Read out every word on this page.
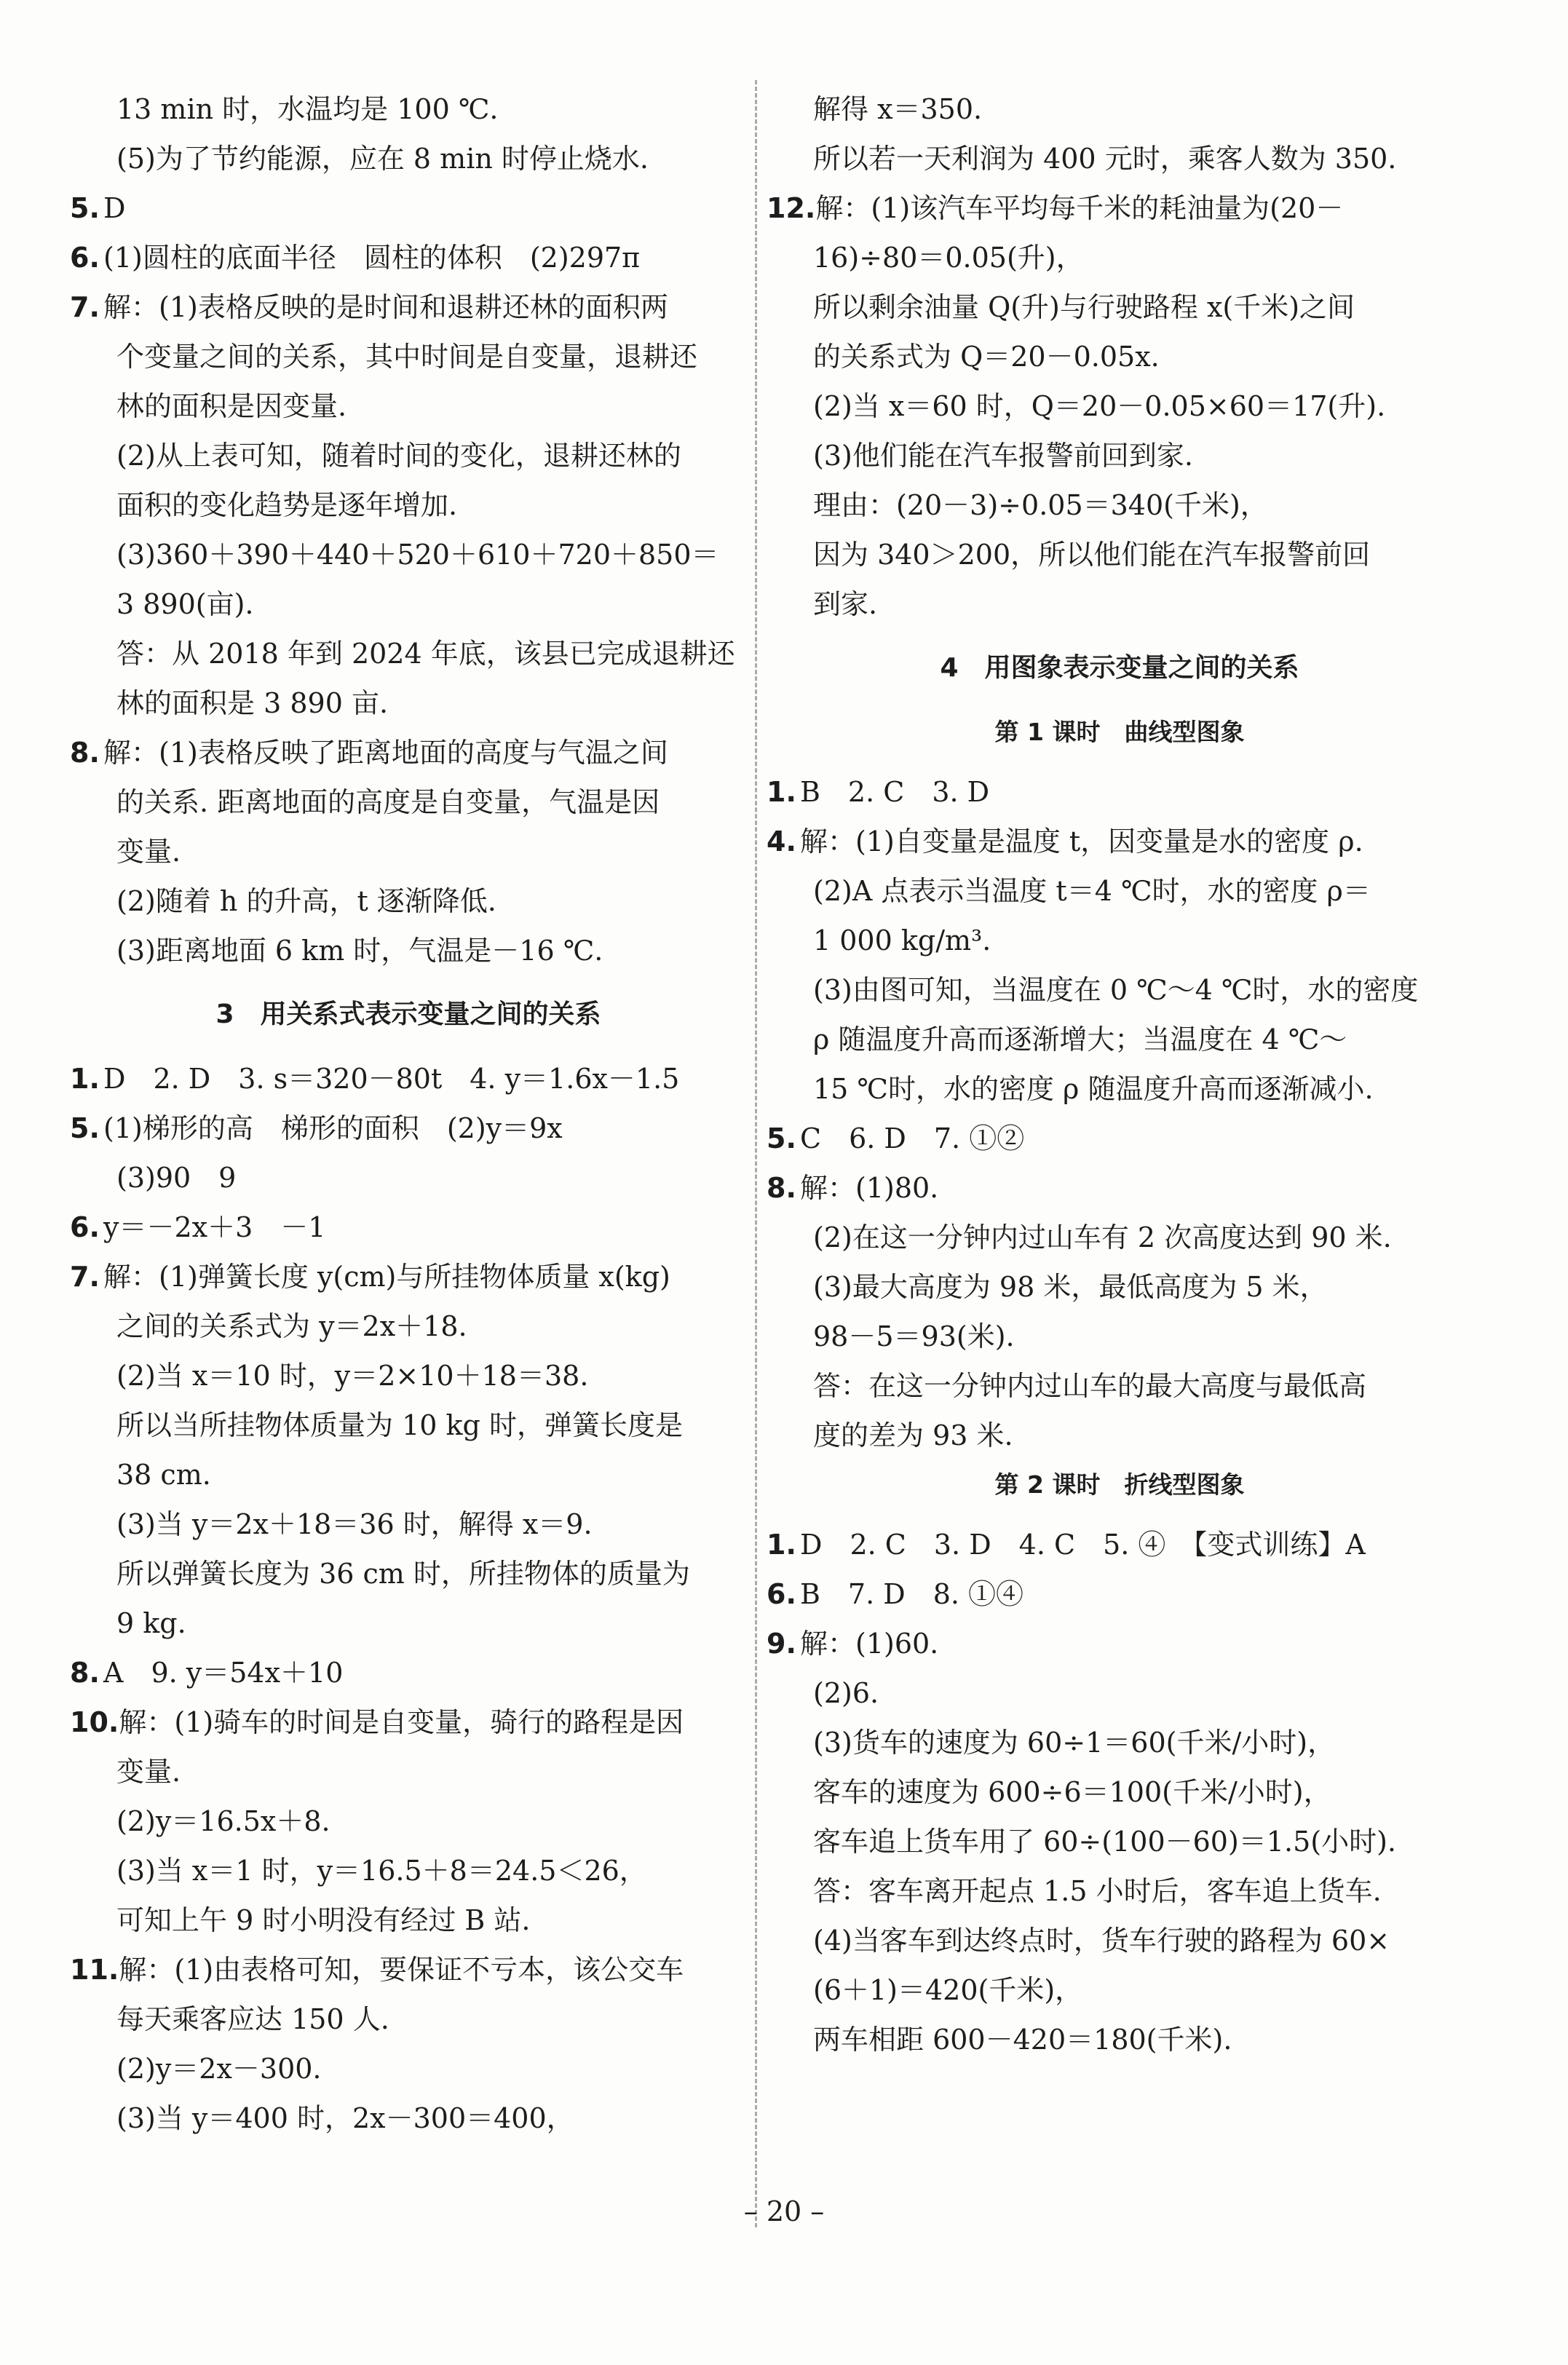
13 min 时，水温均是 100 ℃.
(5)为了节约能源，应在 8 min 时停止烧水.
5. D
6. (1)圆柱的底面半径　圆柱的体积　(2)297π
7. 解：(1)表格反映的是时间和退耕还林的面积两
个变量之间的关系，其中时间是自变量，退耕还
林的面积是因变量.
(2)从上表可知，随着时间的变化，退耕还林的
面积的变化趋势是逐年增加.
(3)360＋390＋440＋520＋610＋720＋850＝
3 890(亩).
答：从 2018 年到 2024 年底，该县已完成退耕还
林的面积是 3 890 亩.
8. 解：(1)表格反映了距离地面的高度与气温之间
的关系. 距离地面的高度是自变量，气温是因
变量.
(2)随着 h 的升高，t 逐渐降低.
(3)距离地面 6 km 时，气温是－16 ℃.
3　用关系式表示变量之间的关系
1. D　2. D　3. s＝320－80t　4. y＝1.6x－1.5
5. (1)梯形的高　梯形的面积　(2)y＝9x
(3)90　9
6. y＝－2x＋3　－1
7. 解：(1)弹簧长度 y(cm)与所挂物体质量 x(kg)
之间的关系式为 y＝2x＋18.
(2)当 x＝10 时，y＝2×10＋18＝38.
所以当所挂物体质量为 10 kg 时，弹簧长度是
38 cm.
(3)当 y＝2x＋18＝36 时，解得 x＝9.
所以弹簧长度为 36 cm 时，所挂物体的质量为
9 kg.
8. A　9. y＝54x＋10
10.解：(1)骑车的时间是自变量，骑行的路程是因
变量.
(2)y＝16.5x＋8.
(3)当 x＝1 时，y＝16.5＋8＝24.5＜26，
可知上午 9 时小明没有经过 B 站.
11.解：(1)由表格可知，要保证不亏本，该公交车
每天乘客应达 150 人.
(2)y＝2x－300.
(3)当 y＝400 时，2x－300＝400，
解得 x＝350.
所以若一天利润为 400 元时，乘客人数为 350.
12.解：(1)该汽车平均每千米的耗油量为(20－
16)÷80＝0.05(升)，
所以剩余油量 Q(升)与行驶路程 x(千米)之间
的关系式为 Q＝20－0.05x.
(2)当 x＝60 时，Q＝20－0.05×60＝17(升).
(3)他们能在汽车报警前回到家.
理由：(20－3)÷0.05＝340(千米)，
因为 340＞200，所以他们能在汽车报警前回
到家.
4　用图象表示变量之间的关系
第 1 课时　曲线型图象
1. B　2. C　3. D
4. 解：(1)自变量是温度 t，因变量是水的密度 ρ.
(2)A 点表示当温度 t＝4 ℃时，水的密度 ρ＝
1 000 kg/m³.
(3)由图可知，当温度在 0 ℃～4 ℃时，水的密度
ρ 随温度升高而逐渐增大；当温度在 4 ℃～
15 ℃时，水的密度 ρ 随温度升高而逐渐减小.
5. C　6. D　7. ①②
8. 解：(1)80.
(2)在这一分钟内过山车有 2 次高度达到 90 米.
(3)最大高度为 98 米，最低高度为 5 米，
98－5＝93(米).
答：在这一分钟内过山车的最大高度与最低高
度的差为 93 米.
第 2 课时　折线型图象
1. D　2. C　3. D　4. C　5. ④　【变式训练】A
6. B　7. D　8. ①④
9. 解：(1)60.
(2)6.
(3)货车的速度为 60÷1＝60(千米/小时)，
客车的速度为 600÷6＝100(千米/小时)，
客车追上货车用了 60÷(100－60)＝1.5(小时).
答：客车离开起点 1.5 小时后，客车追上货车.
(4)当客车到达终点时，货车行驶的路程为 60×
(6＋1)＝420(千米)，
两车相距 600－420＝180(千米).
– 20 –
